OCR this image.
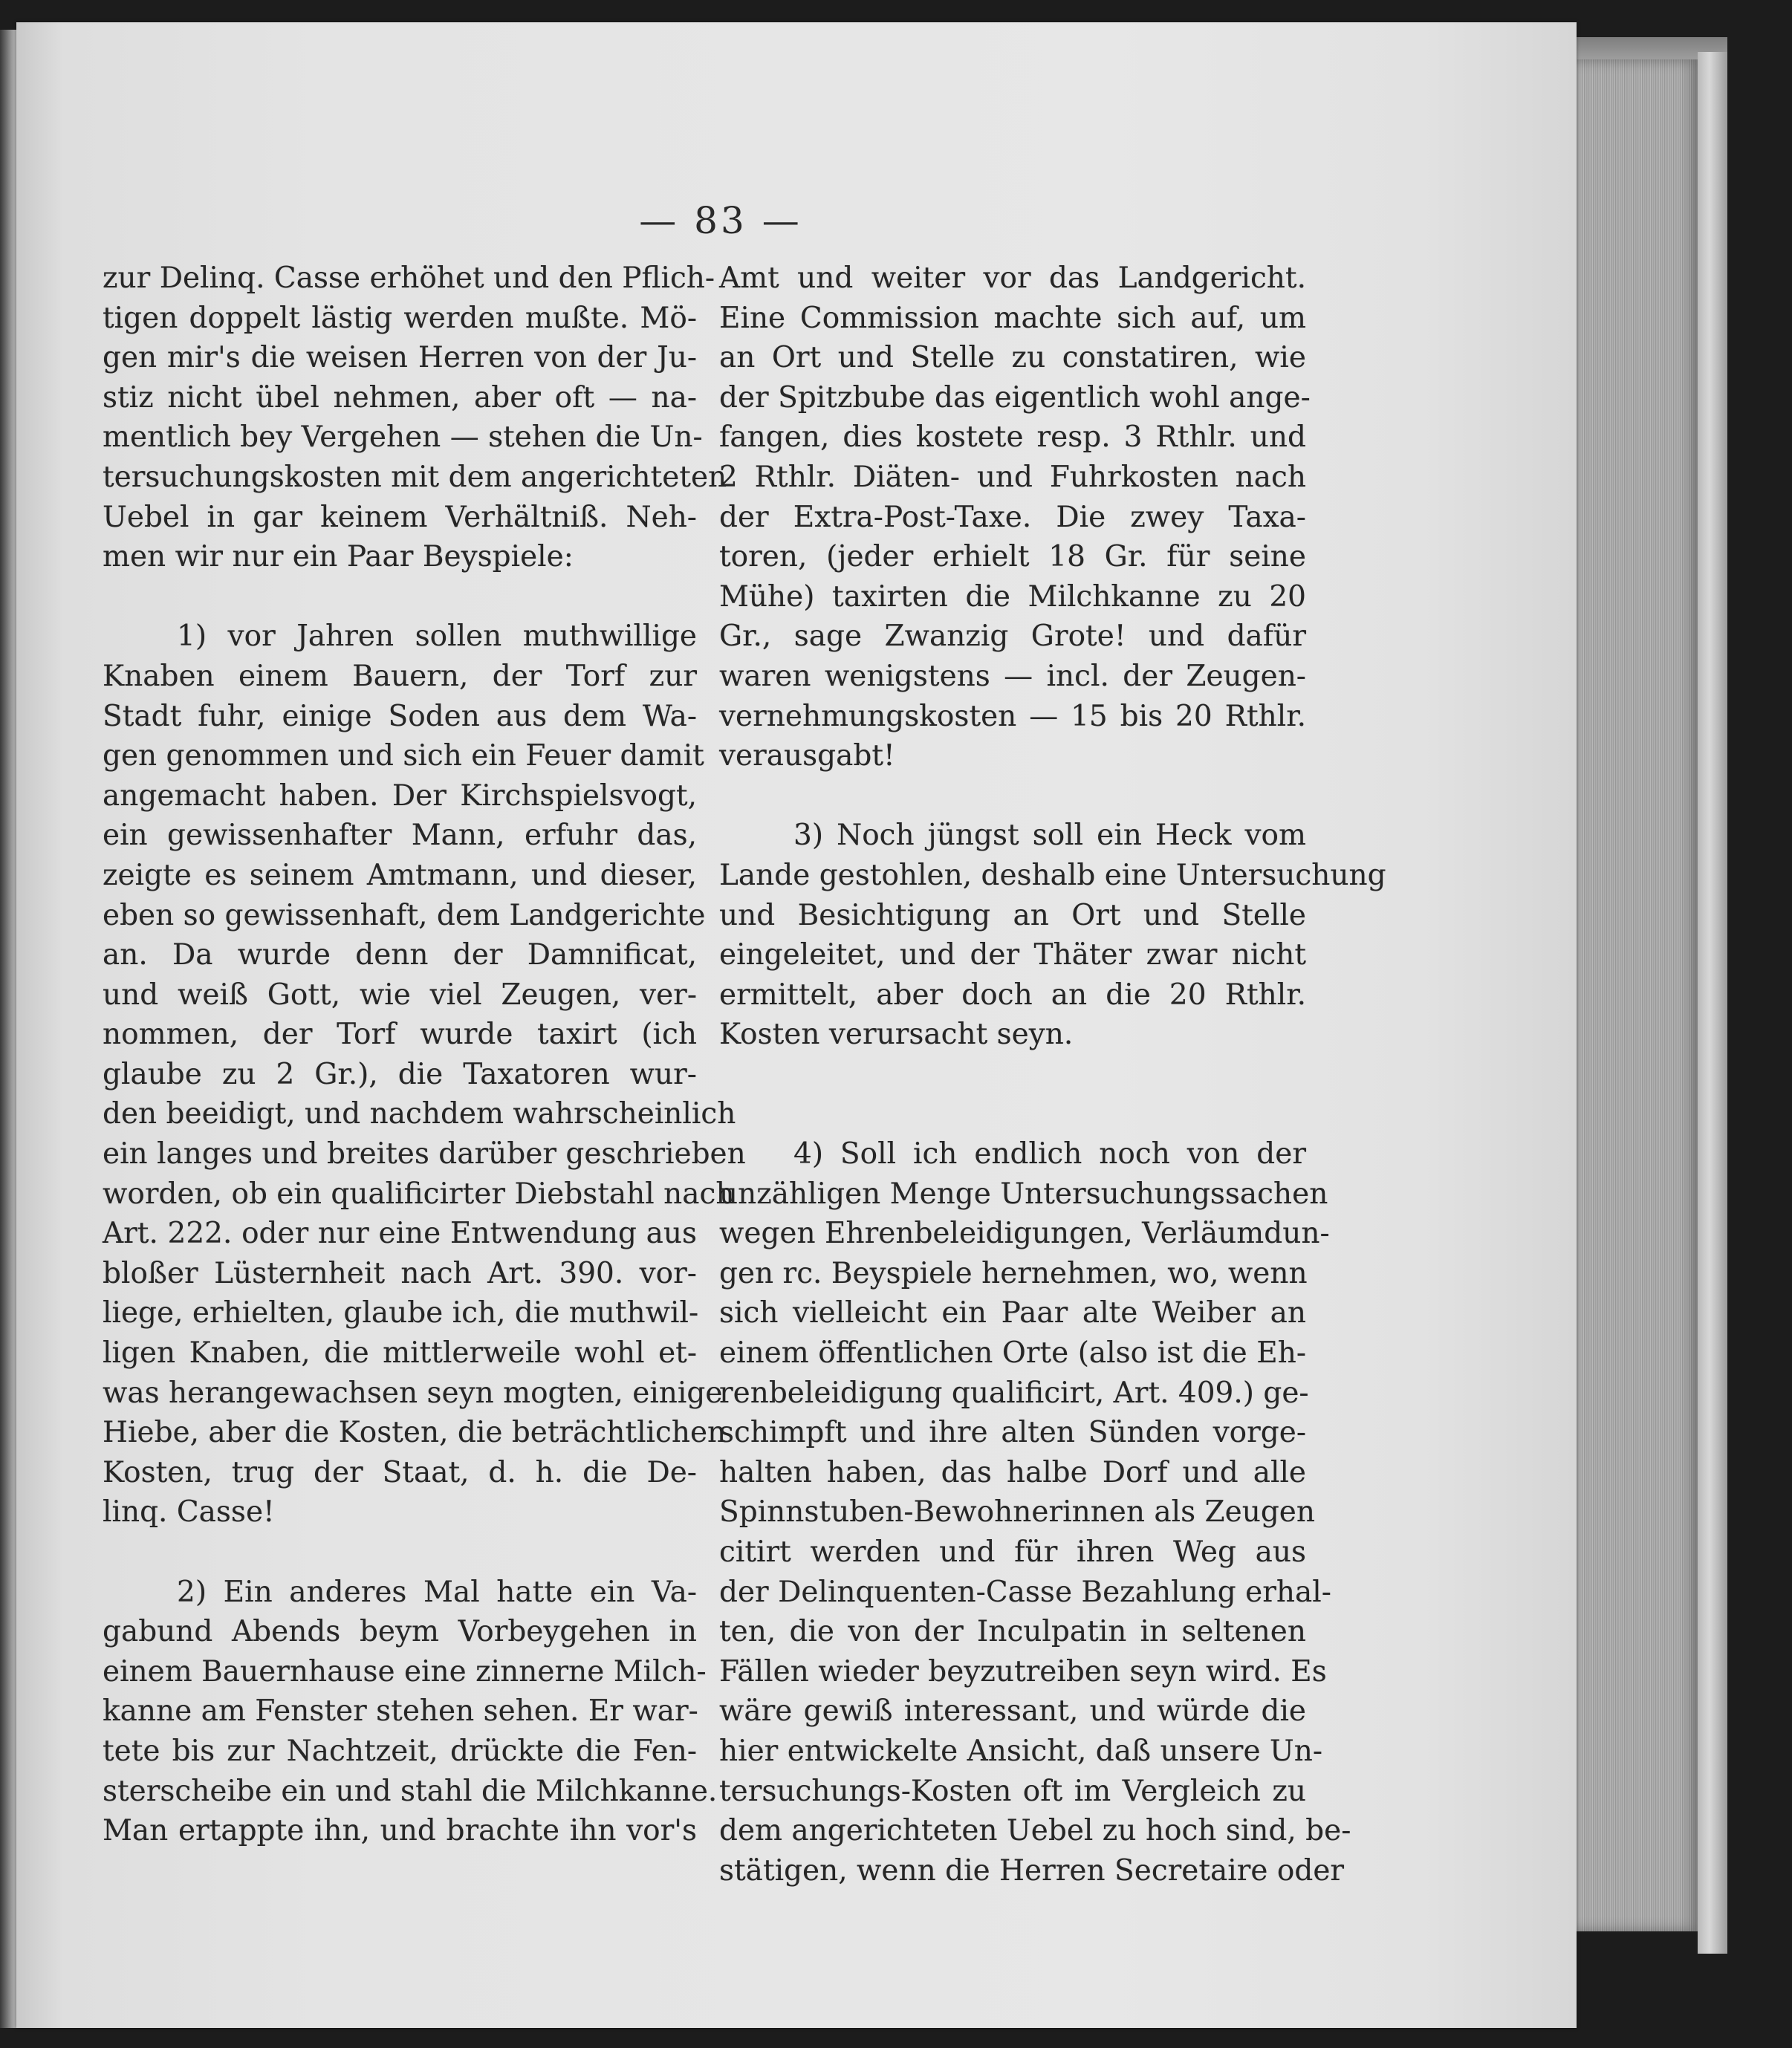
— 83 —
zur Delinq. Casse erhöhet und den Pflich-
tigen doppelt lästig werden mußte. Mö-
gen mir's die weisen Herren von der Ju-
stiz nicht übel nehmen, aber oft — na-
mentlich bey Vergehen — stehen die Un-
tersuchungskosten mit dem angerichteten
Uebel in gar keinem Verhältniß. Neh-
men wir nur ein Paar Beyspiele:
1) vor Jahren sollen muthwillige
Knaben einem Bauern, der Torf zur
Stadt fuhr, einige Soden aus dem Wa-
gen genommen und sich ein Feuer damit
angemacht haben. Der Kirchspielsvogt,
ein gewissenhafter Mann, erfuhr das,
zeigte es seinem Amtmann, und dieser,
eben so gewissenhaft, dem Landgerichte
an. Da wurde denn der Damnificat,
und weiß Gott, wie viel Zeugen, ver-
nommen, der Torf wurde taxirt (ich
glaube zu 2 Gr.), die Taxatoren wur-
den beeidigt, und nachdem wahrscheinlich
ein langes und breites darüber geschrieben
worden, ob ein qualificirter Diebstahl nach
Art. 222. oder nur eine Entwendung aus
bloßer Lüsternheit nach Art. 390. vor-
liege, erhielten, glaube ich, die muthwil-
ligen Knaben, die mittlerweile wohl et-
was herangewachsen seyn mogten, einige
Hiebe, aber die Kosten, die beträchtlichen
Kosten, trug der Staat, d. h. die De-
linq. Casse!
2) Ein anderes Mal hatte ein Va-
gabund Abends beym Vorbeygehen in
einem Bauernhause eine zinnerne Milch-
kanne am Fenster stehen sehen. Er war-
tete bis zur Nachtzeit, drückte die Fen-
sterscheibe ein und stahl die Milchkanne.
Man ertappte ihn, und brachte ihn vor's
Amt und weiter vor das Landgericht.
Eine Commission machte sich auf, um
an Ort und Stelle zu constatiren, wie
der Spitzbube das eigentlich wohl ange-
fangen, dies kostete resp. 3 Rthlr. und
2 Rthlr. Diäten- und Fuhrkosten nach
der Extra-Post-Taxe. Die zwey Taxa-
toren, (jeder erhielt 18 Gr. für seine
Mühe) taxirten die Milchkanne zu 20
Gr., sage Zwanzig Grote! und dafür
waren wenigstens — incl. der Zeugen-
vernehmungskosten — 15 bis 20 Rthlr.
verausgabt!
3) Noch jüngst soll ein Heck vom
Lande gestohlen, deshalb eine Untersuchung
und Besichtigung an Ort und Stelle
eingeleitet, und der Thäter zwar nicht
ermittelt, aber doch an die 20 Rthlr.
Kosten verursacht seyn.
4) Soll ich endlich noch von der
unzähligen Menge Untersuchungssachen
wegen Ehrenbeleidigungen, Verläumdun-
gen rc. Beyspiele hernehmen, wo, wenn
sich vielleicht ein Paar alte Weiber an
einem öffentlichen Orte (also ist die Eh-
renbeleidigung qualificirt, Art. 409.) ge-
schimpft und ihre alten Sünden vorge-
halten haben, das halbe Dorf und alle
Spinnstuben-Bewohnerinnen als Zeugen
citirt werden und für ihren Weg aus
der Delinquenten-Casse Bezahlung erhal-
ten, die von der Inculpatin in seltenen
Fällen wieder beyzutreiben seyn wird. Es
wäre gewiß interessant, und würde die
hier entwickelte Ansicht, daß unsere Un-
tersuchungs-Kosten oft im Vergleich zu
dem angerichteten Uebel zu hoch sind, be-
stätigen, wenn die Herren Secretaire oder
